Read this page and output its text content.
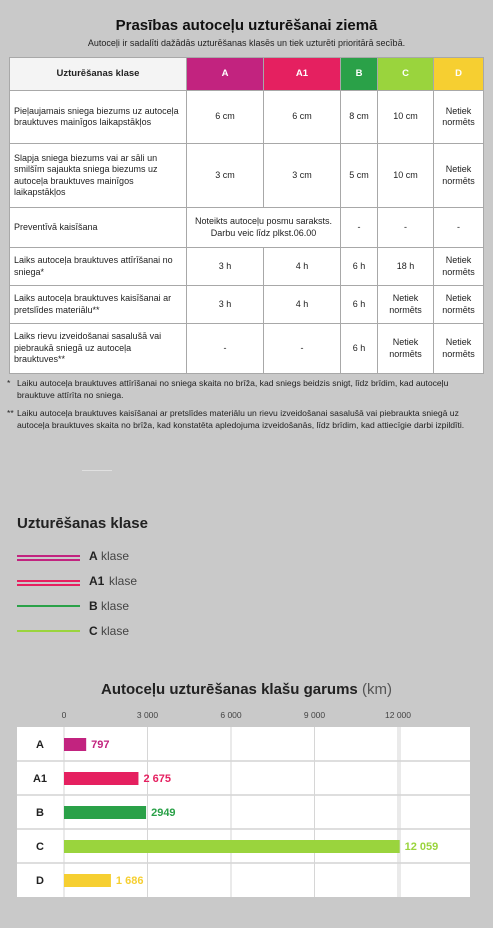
Prasības autoceļu uzturēšanai ziemā
Autoceļi ir sadalīti dažādās uzturēšanas klasēs un tiek uzturēti prioritārā secībā.
Uzturēšanas klase	A	A1	B	C	D
Pieļaujamais sniega biezums uz autoceļa brauktuves mainīgos laikapstākļos	6 cm	6 cm	8 cm	10 cm	Netiek normēts
Slapja sniega biezums vai ar sāli un smilšīm sajaukta sniega biezums uz autoceļa brauktuves mainīgos laikapstākļos	3 cm	3 cm	5 cm	10 cm	Netiek normēts
Preventīvā kaisīšana	Noteikts autoceļu posmu saraksts. Darbu veic līdz plkst.06.00		-	-	-
Laiks autoceļa brauktuves attīrīšanai no sniega*	3 h	4 h	6 h	18 h	Netiek normēts
Laiks autoceļa brauktuves kaisīšanai ar pretslīdes materiālu**	3 h	4 h	6 h	Netiek normēts	Netiek normēts
Laiks rievu izveidošanai sasalušā vai piebraukā sniegā uz autoceļa brauktuves**	-	-	6 h	Netiek normēts	Netiek normēts
* Laiku autoceļa brauktuves attīrīšanai no sniega skaita no brīža, kad sniegs beidzis snigt, līdz brīdim, kad autoceļu brauktuve attīrīta no sniega.
** Laiku autoceļa brauktuves kaisīšanai ar pretslīdes materiālu un rievu izveidošanai sasalušā vai piebraukta sniegā uz autoceļa brauktuves skaita no brīža, kad konstatēta apledojuma izveidošanās, līdz brīdim, kad attiecīgie darbi izpildīti.
Uzturēšanas klase
A klase
A1 klase
B klase
C klase
Autoceļu uzturēšanas klašu garums (km)
0	3 000	6 000	9 000	12 000
A	797
A1	2 675
B	2949
C	12 059
D	1 686
